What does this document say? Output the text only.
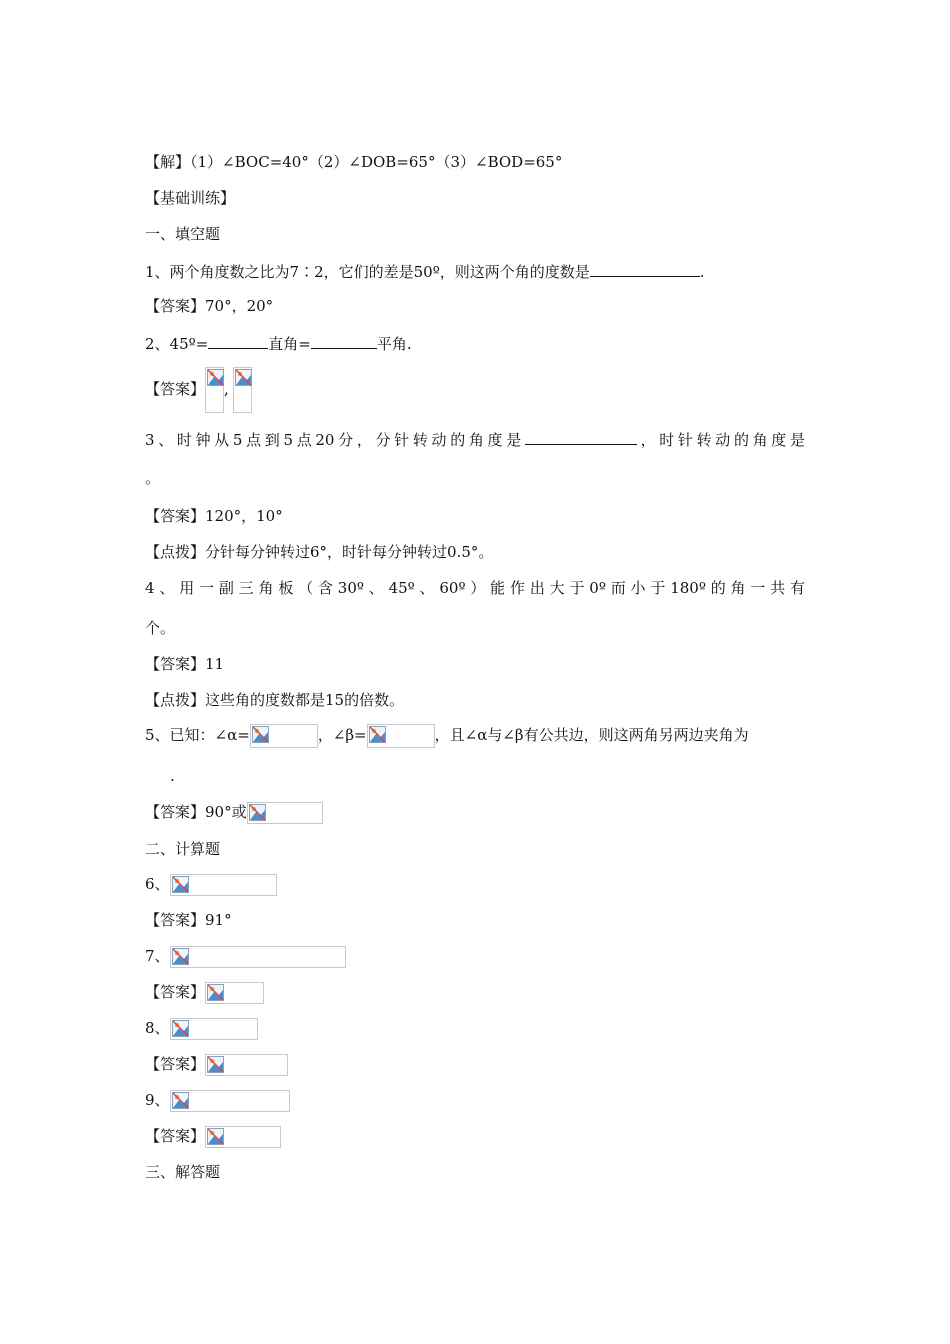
【解】（1）∠BOC=40°（2）∠DOB=65°（3）∠BOD=65°
【基础训练】
一、填空题
1、两个角度数之比为7∶2，它们的差是50º，则这两个角的度数是	.
【答案】70°，20°
2、45º=	直角=	平角.
【答案】 ,
3、时钟从5点到5点20分，分针转动的角度是	，时针转动的角度是
。
【答案】120°，10°
【点拨】分针每分钟转过6°，时针每分钟转过0.5°。
4、用一副三角板（含30º、45º、60º）能作出大于0º而小于180º的角一共有
个。
【答案】11
【点拨】这些角的度数都是15的倍数。
5、已知：∠α=	，∠β=	，且∠α与∠β有公共边，则这两角另两边夹角为
.
【答案】90°或
二、计算题
6、
【答案】91°
7、
【答案】
8、
【答案】
9、
【答案】
三、解答题
